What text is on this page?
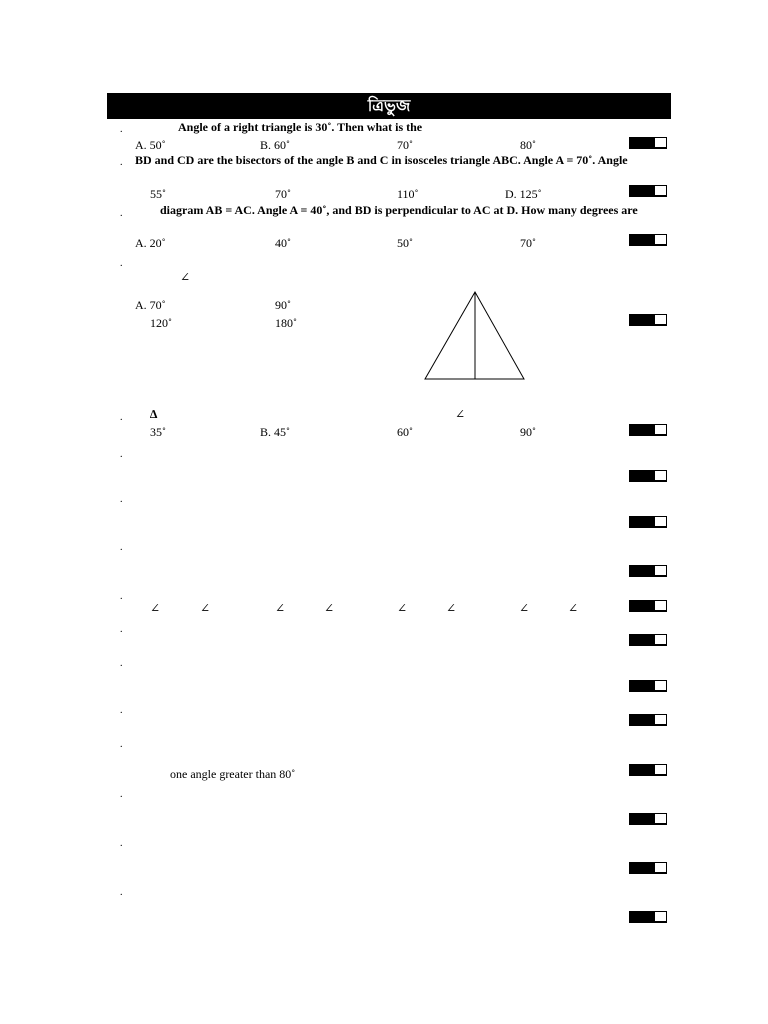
ত্রিভুজ
.	Angle of a right triangle is 30˚. Then what is the
A. 50˚	B. 60˚	70˚	80˚
. BD and CD are the bisectors of the angle B and C in isosceles triangle ABC. Angle A = 70˚. Angle
55˚	70˚	110˚	D. 125˚
.	diagram AB = AC. Angle A = 40˚, and BD is perpendicular to AC at D. How many degrees are
A. 20˚	40˚	50˚	70˚
.
∠
A. 70˚	90˚
120˚	180˚
. ∆	∠
35˚	B. 45˚	60˚	90˚
.
.
.
.
∠	∠	∠	∠	∠	∠	∠	∠
.
.
.
.
one angle greater than 80˚
.
.
.
